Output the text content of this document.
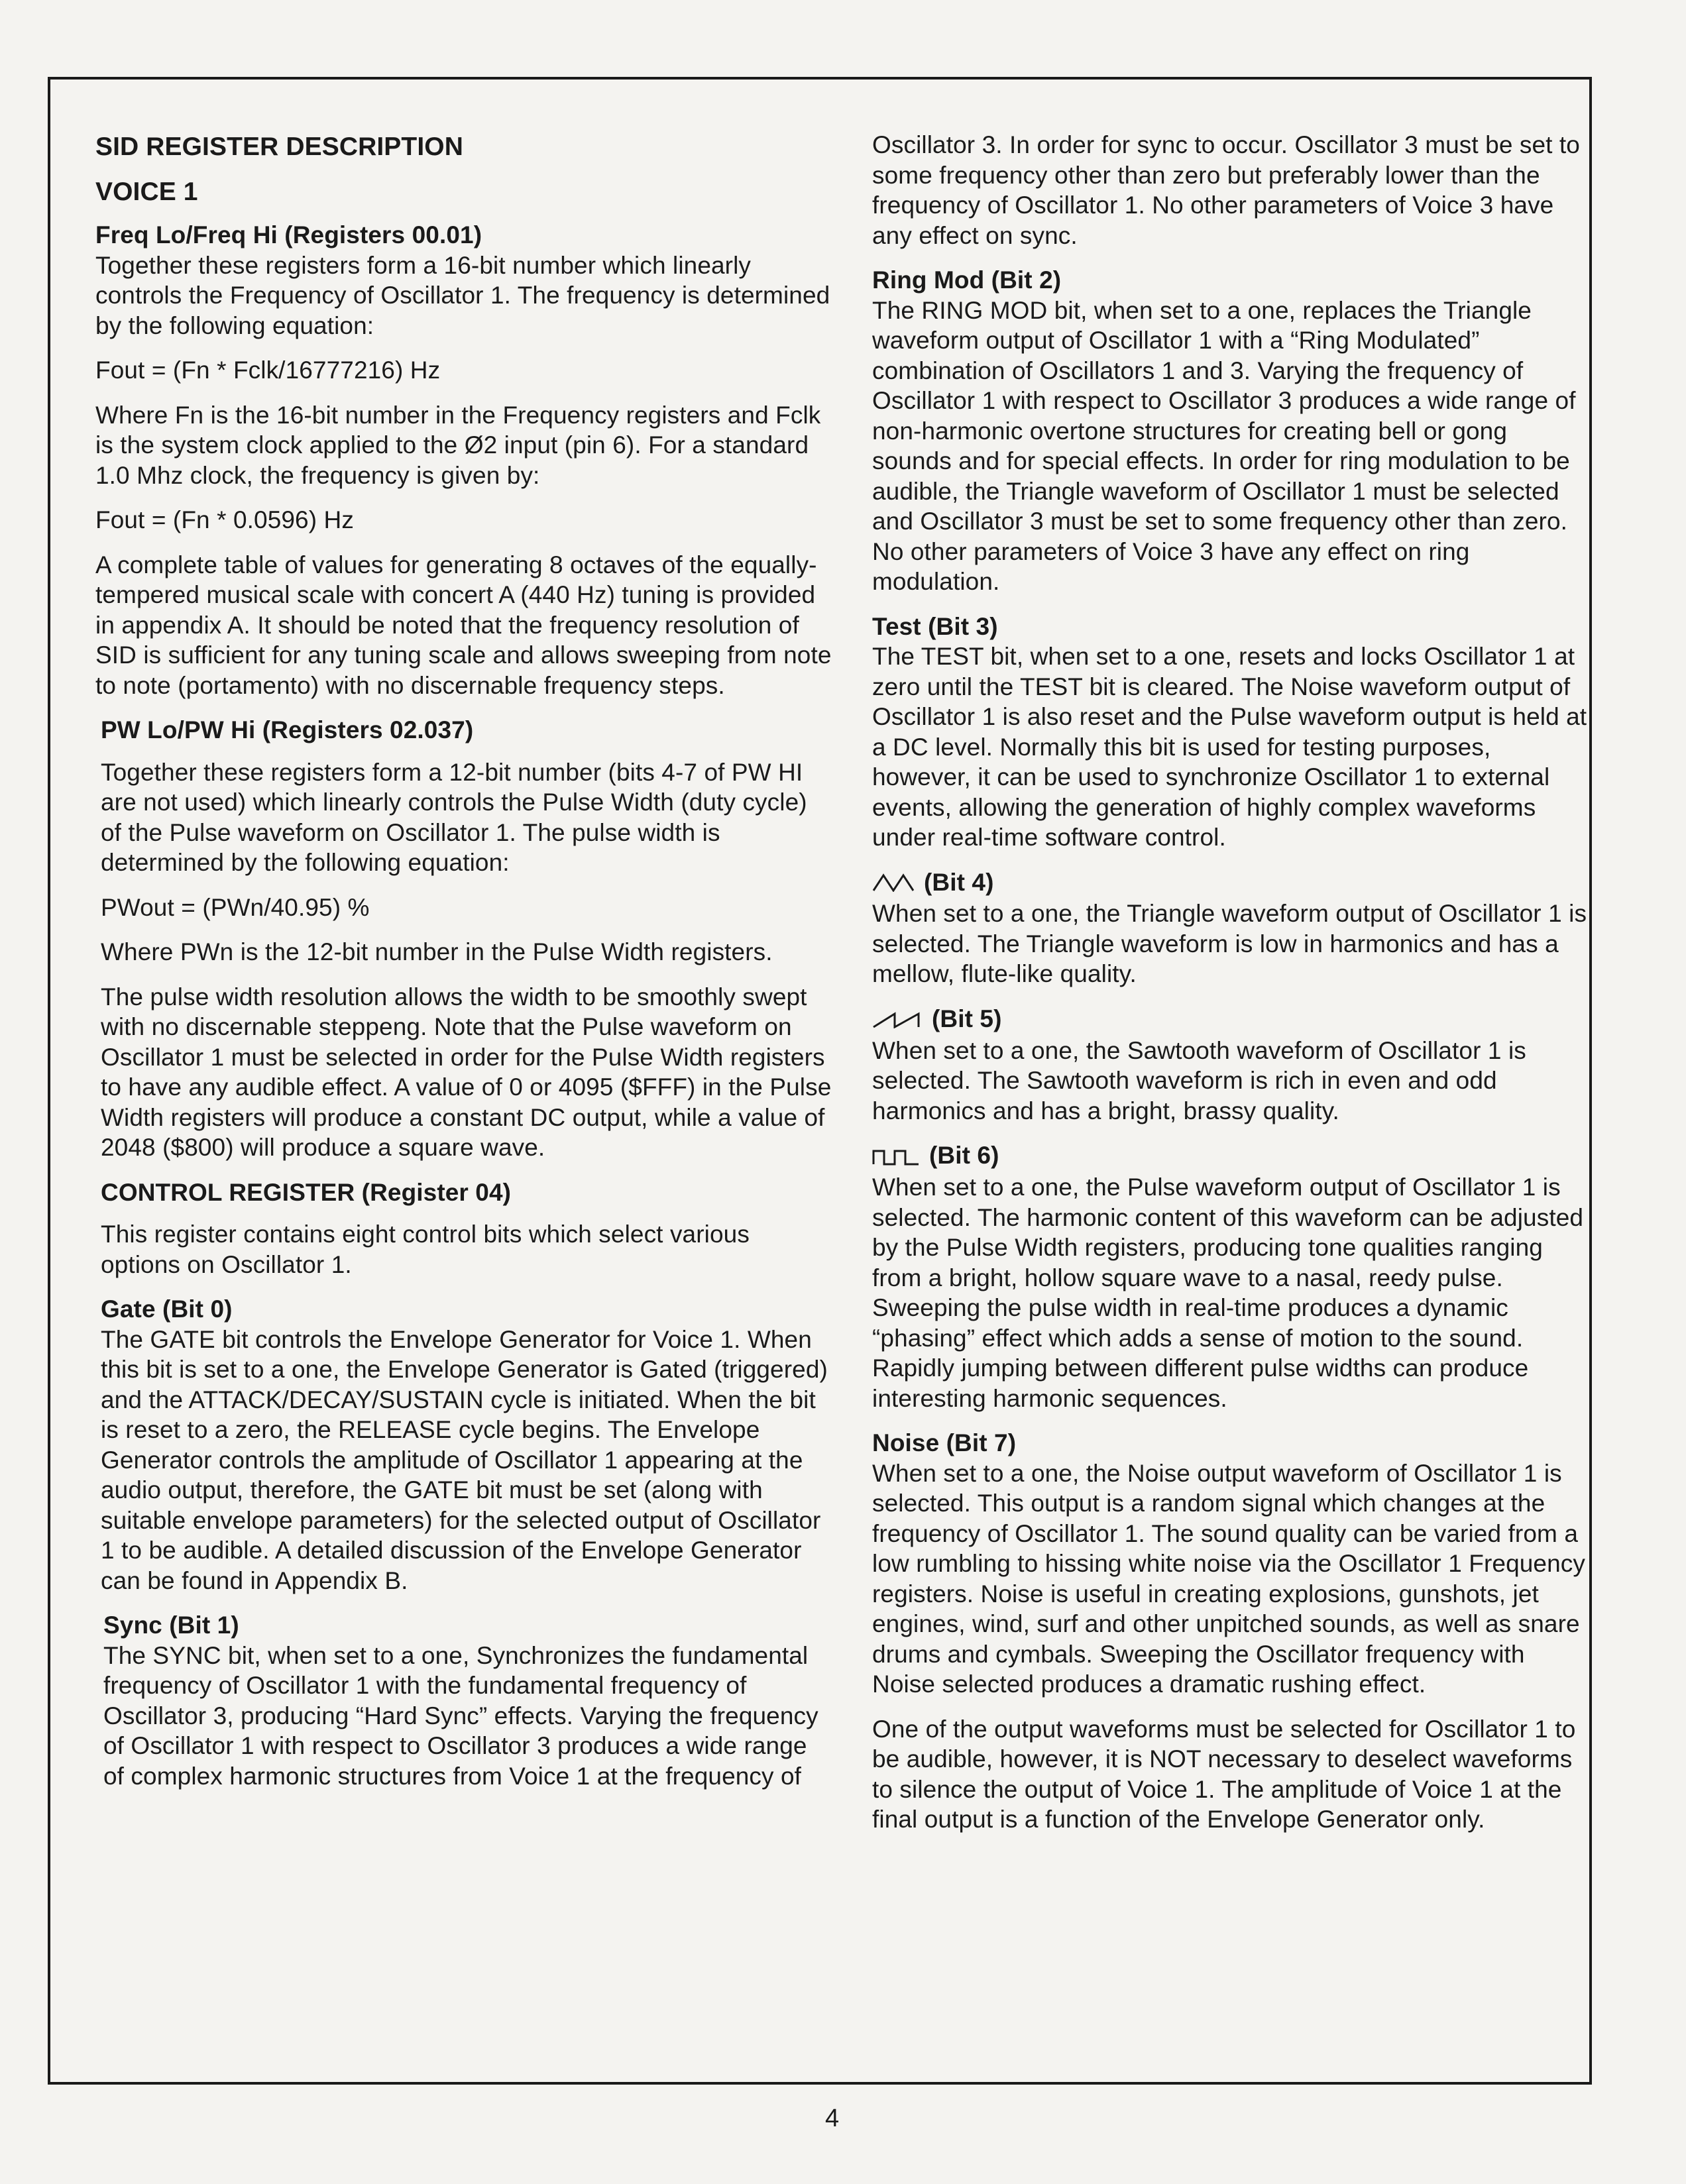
SID REGISTER DESCRIPTION
VOICE 1
Freq Lo/Freq Hi (Registers 00.01)

Together these registers form a 16-bit number which linearly controls the Frequency of Oscillator 1. The frequency is determined by the following equation:

Fout = (Fn * Fclk/16777216) Hz

Where Fn is the 16-bit number in the Frequency registers and Fclk is the system clock applied to the Ø2 input (pin 6). For a standard 1.0 Mhz clock, the frequency is given by:

Fout = (Fn * 0.0596) Hz

A complete table of values for generating 8 octaves of the equally-tempered musical scale with concert A (440 Hz) tuning is provided in appendix A. It should be noted that the frequency resolution of SID is sufficient for any tuning scale and allows sweeping from note to note (portamento) with no discernable frequency steps.

PW Lo/PW Hi (Registers 02.037)

Together these registers form a 12-bit number (bits 4-7 of PW HI are not used) which linearly controls the Pulse Width (duty cycle) of the Pulse waveform on Oscillator 1. The pulse width is determined by the following equation:

PWout = (PWn/40.95) %

Where PWn is the 12-bit number in the Pulse Width registers.

The pulse width resolution allows the width to be smoothly swept with no discernable steppeng. Note that the Pulse waveform on Oscillator 1 must be selected in order for the Pulse Width registers to have any audible effect. A value of 0 or 4095 ($FFF) in the Pulse Width registers will produce a constant DC output, while a value of 2048 ($800) will produce a square wave.

CONTROL REGISTER (Register 04)

This register contains eight control bits which select various options on Oscillator 1.

Gate (Bit 0)

The GATE bit controls the Envelope Generator for Voice 1. When this bit is set to a one, the Envelope Generator is Gated (triggered) and the ATTACK/DECAY/SUSTAIN cycle is initiated. When the bit is reset to a zero, the RELEASE cycle begins. The Envelope Generator controls the amplitude of Oscillator 1 appearing at the audio output, therefore, the GATE bit must be set (along with suitable envelope parameters) for the selected output of Oscillator 1 to be audible. A detailed discussion of the Envelope Generator can be found in Appendix B.

Sync (Bit 1)

The SYNC bit, when set to a one, Synchronizes the fundamental frequency of Oscillator 1 with the fundamental frequency of Oscillator 3, producing “Hard Sync” effects. Varying the frequency of Oscillator 1 with respect to Oscillator 3 produces a wide range of complex harmonic structures from Voice 1 at the frequency of

Oscillator 3. In order for sync to occur. Oscillator 3 must be set to some frequency other than zero but preferably lower than the frequency of Oscillator 1. No other parameters of Voice 3 have any effect on sync.

Ring Mod (Bit 2)

The RING MOD bit, when set to a one, replaces the Triangle waveform output of Oscillator 1 with a “Ring Modulated” combination of Oscillators 1 and 3. Varying the frequency of Oscillator 1 with respect to Oscillator 3 produces a wide range of non-harmonic overtone structures for creating bell or gong sounds and for special effects. In order for ring modulation to be audible, the Triangle waveform of Oscillator 1 must be selected and Oscillator 3 must be set to some frequency other than zero. No other parameters of Voice 3 have any effect on ring modulation.

Test (Bit 3)

The TEST bit, when set to a one, resets and locks Oscillator 1 at zero until the TEST bit is cleared. The Noise waveform output of Oscillator 1 is also reset and the Pulse waveform output is held at a DC level. Normally this bit is used for testing purposes, however, it can be used to synchronize Oscillator 1 to external events, allowing the generation of highly complex waveforms under real-time software control.

(Bit 4)

When set to a one, the Triangle waveform output of Oscillator 1 is selected. The Triangle waveform is low in harmonics and has a mellow, flute-like quality.

(Bit 5)

When set to a one, the Sawtooth waveform of Oscillator 1 is selected. The Sawtooth waveform is rich in even and odd harmonics and has a bright, brassy quality.

(Bit 6)

When set to a one, the Pulse waveform output of Oscillator 1 is selected. The harmonic content of this waveform can be adjusted by the Pulse Width registers, producing tone qualities ranging from a bright, hollow square wave to a nasal, reedy pulse. Sweeping the pulse width in real-time produces a dynamic “phasing” effect which adds a sense of motion to the sound. Rapidly jumping between different pulse widths can produce interesting harmonic sequences.

Noise (Bit 7)

When set to a one, the Noise output waveform of Oscillator 1 is selected. This output is a random signal which changes at the frequency of Oscillator 1. The sound quality can be varied from a low rumbling to hissing white noise via the Oscillator 1 Frequency registers. Noise is useful in creating explosions, gunshots, jet engines, wind, surf and other unpitched sounds, as well as snare drums and cymbals. Sweeping the Oscillator frequency with Noise selected produces a dramatic rushing effect.

One of the output waveforms must be selected for Oscillator 1 to be audible, however, it is NOT necessary to deselect waveforms to silence the output of Voice 1. The amplitude of Voice 1 at the final output is a function of the Envelope Generator only.

4
